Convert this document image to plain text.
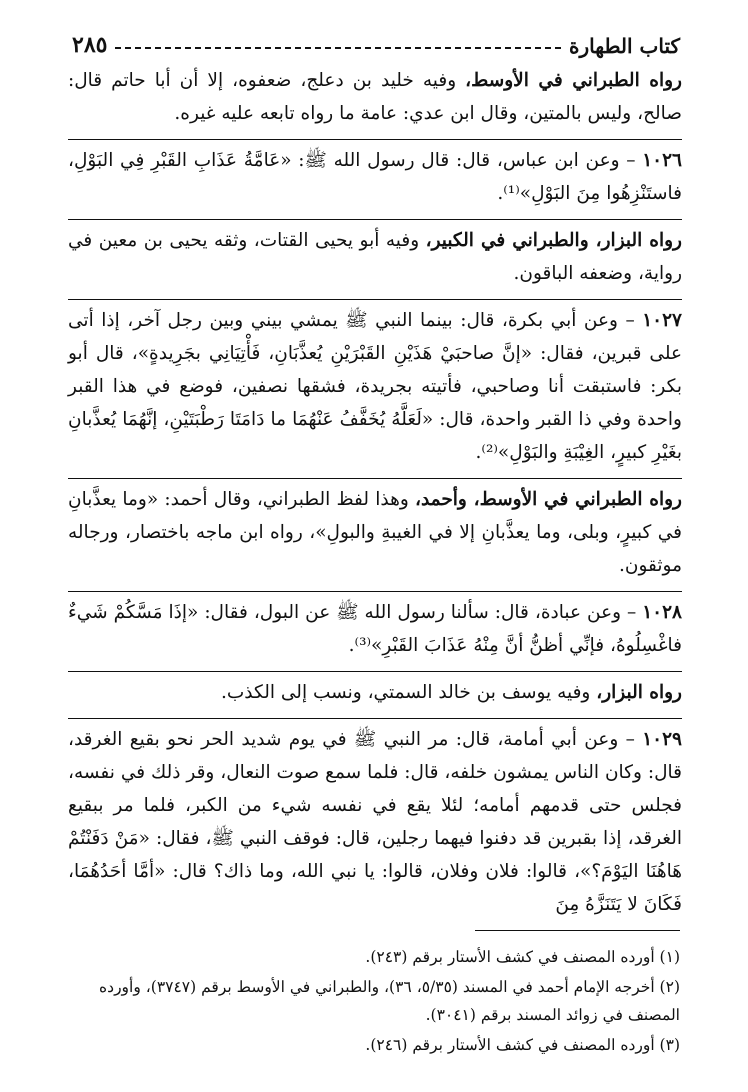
كتاب الطهارة
٢٨٥

رواه الطبراني في الأوسط، وفيه خليد بن دعلج، ضعفوه، إلا أن أبا حاتم قال: صالح، وليس بالمتين، وقال ابن عدي: عامة ما رواه تابعه عليه غيره.

١٠٢٦ – وعن ابن عباس، قال: قال رسول الله ﷺ: «عَامَّةُ عَذَابِ القَبْرِ فِي البَوْلِ، فاستَنْزِهُوا مِنَ البَوْلِ»⁽¹⁾.

رواه البزار، والطبراني في الكبير، وفيه أبو يحيى القتات، وثقه يحيى بن معين في رواية، وضعفه الباقون.

١٠٢٧ – وعن أبي بكرة، قال: بينما النبي ﷺ يمشي بيني وبين رجل آخر، إذا أتى على قبرين، فقال: «إنَّ صاحبَيْ هَذَيْنِ القَبْرَيْنِ يُعذَّبَانِ، فَأْتِيَانِي بجَرِيدةٍ»، قال أبو بكر: فاستبقت أنا وصاحبي، فأتيته بجريدة، فشقها نصفين، فوضع في هذا القبر واحدة وفي ذا القبر واحدة، قال: «لَعَلَّهُ يُخَفَّفُ عَنْهُمَا ما دَامَتَا رَطْبَتَيْنِ، إنَّهُمَا يُعذَّبانِ بغَيْرِ كبيرٍ، الغِيْبَةِ والبَوْلِ»⁽²⁾.

رواه الطبراني في الأوسط، وأحمد، وهذا لفظ الطبراني، وقال أحمد: «وما يعذَّبانِ في كبيرٍ، وبلى، وما يعذَّبانِ إلا في الغيبةِ والبولِ»، رواه ابن ماجه باختصار، ورجاله موثقون.

١٠٢٨ – وعن عبادة، قال: سألنا رسول الله ﷺ عن البول، فقال: «إذَا مَسَّكُمْ شَيءٌ فاغْسِلُوهُ، فإنِّي أظنُّ أنَّ مِنْهُ عَذَابَ القَبْرِ»⁽³⁾.

رواه البزار، وفيه يوسف بن خالد السمتي، ونسب إلى الكذب.

١٠٢٩ – وعن أبي أمامة، قال: مر النبي ﷺ في يوم شديد الحر نحو بقيع الغرقد، قال: وكان الناس يمشون خلفه، قال: فلما سمع صوت النعال، وقر ذلك في نفسه، فجلس حتى قدمهم أمامه؛ لئلا يقع في نفسه شيء من الكبر، فلما مر ببقيع الغرقد، إذا بقبرين قد دفنوا فيهما رجلين، قال: فوقف النبي ﷺ، فقال: «مَنْ دَفَنْتُمْ هَاهُنَا اليَوْمَ؟»، قالوا: فلان وفلان، قالوا: يا نبي الله، وما ذاك؟ قال: «أمَّا أحَدُهُمَا، فَكَانَ لا يَتَنَزَّهُ مِنَ

(١) أورده المصنف في كشف الأستار برقم (٢٤٣).

(٢) أخرجه الإمام أحمد في المسند (٥/٣٥، ٣٦)، والطبراني في الأوسط برقم (٣٧٤٧)، وأورده المصنف في زوائد المسند برقم (٣٠٤١).

(٣) أورده المصنف في كشف الأستار برقم (٢٤٦).
